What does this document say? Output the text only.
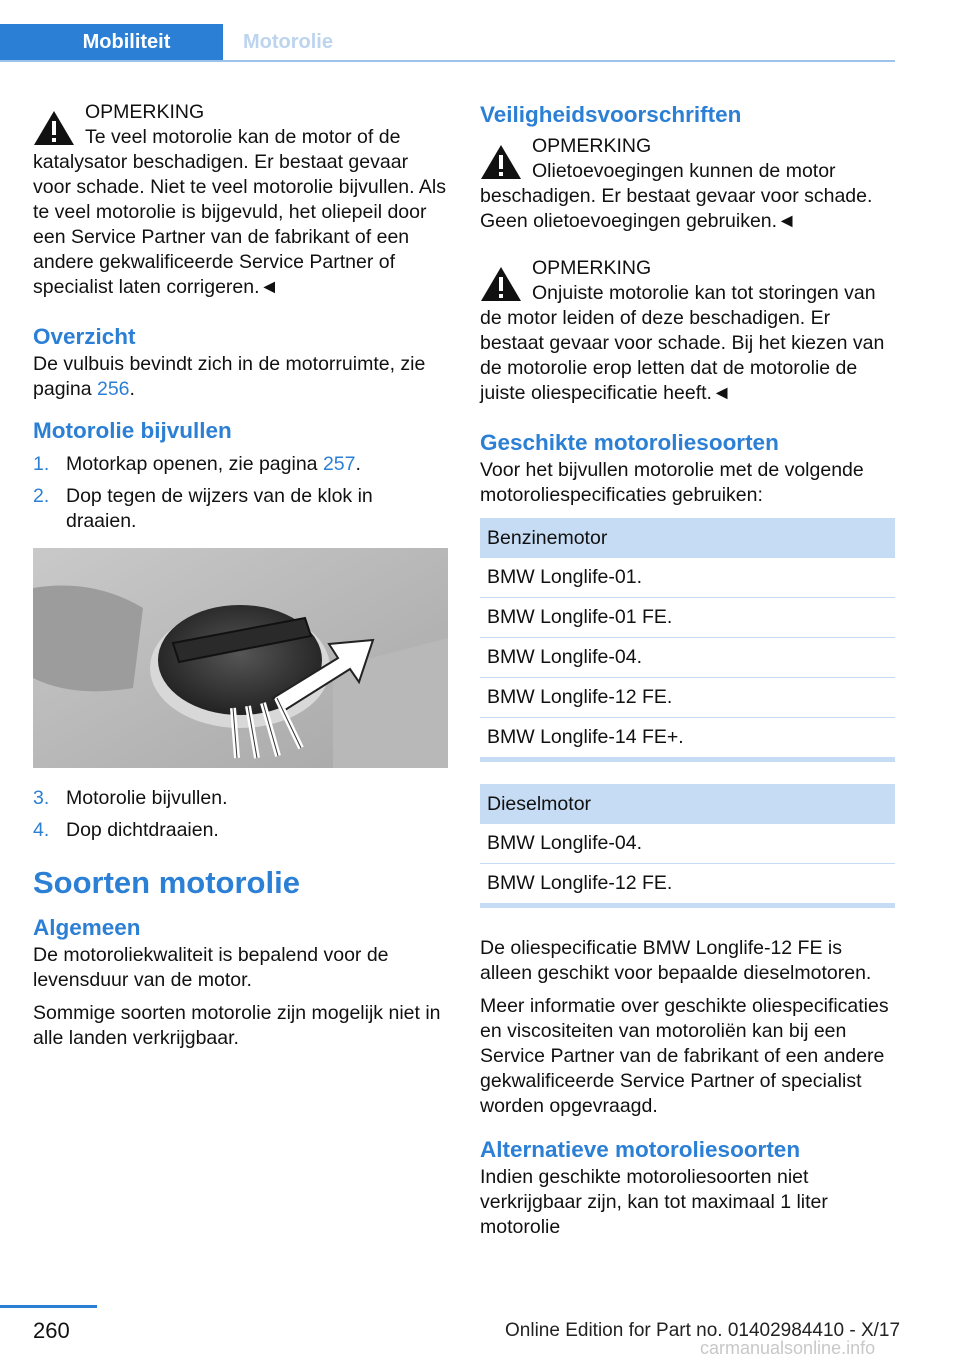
Mobiliteit	Motorolie

OPMERKING

Te veel motorolie kan de motor of de katalysator beschadigen. Er bestaat gevaar voor schade. Niet te veel motorolie bijvullen. Als te veel motorolie is bijgevuld, het oliepeil door een Service Partner van de fabrikant of een andere gekwalificeerde Service Partner of specialist laten corrigeren.◄

Overzicht

De vulbuis bevindt zich in de motorruimte, zie pagina 256.

Motorolie bijvullen
1. Motorkap openen, zie pagina 257.
2. Dop tegen de wijzers van de klok in draaien.
3. Motorolie bijvullen.
4. Dop dichtdraaien.
Soorten motorolie
Algemeen

De motoroliekwaliteit is bepalend voor de levensduur van de motor.

Sommige soorten motorolie zijn mogelijk niet in alle landen verkrijgbaar.

Veiligheidsvoorschriften

OPMERKING

Olietoevoegingen kunnen de motor beschadigen. Er bestaat gevaar voor schade. Geen olietoevoegingen gebruiken.◄

OPMERKING

Onjuiste motorolie kan tot storingen van de motor leiden of deze beschadigen. Er bestaat gevaar voor schade. Bij het kiezen van de motorolie erop letten dat de motorolie de juiste oliespecificatie heeft.◄

Geschikte motoroliesoorten

Voor het bijvullen motorolie met de volgende motoroliespecificaties gebruiken:

Benzinemotor
BMW Longlife-01.
BMW Longlife-01 FE.
BMW Longlife-04.
BMW Longlife-12 FE.
BMW Longlife-14 FE+.
Dieselmotor
BMW Longlife-04.
BMW Longlife-12 FE.

De oliespecificatie BMW Longlife-12 FE is alleen geschikt voor bepaalde dieselmotoren.

Meer informatie over geschikte oliespecificaties en viscositeiten van motoroliën kan bij een Service Partner van de fabrikant of een andere gekwalificeerde Service Partner of specialist worden opgevraagd.

Alternatieve motoroliesoorten

Indien geschikte motoroliesoorten niet verkrijgbaar zijn, kan tot maximaal 1 liter motorolie

260	Online Edition for Part no. 01402984410 - X/17
carmanualsonline.info
